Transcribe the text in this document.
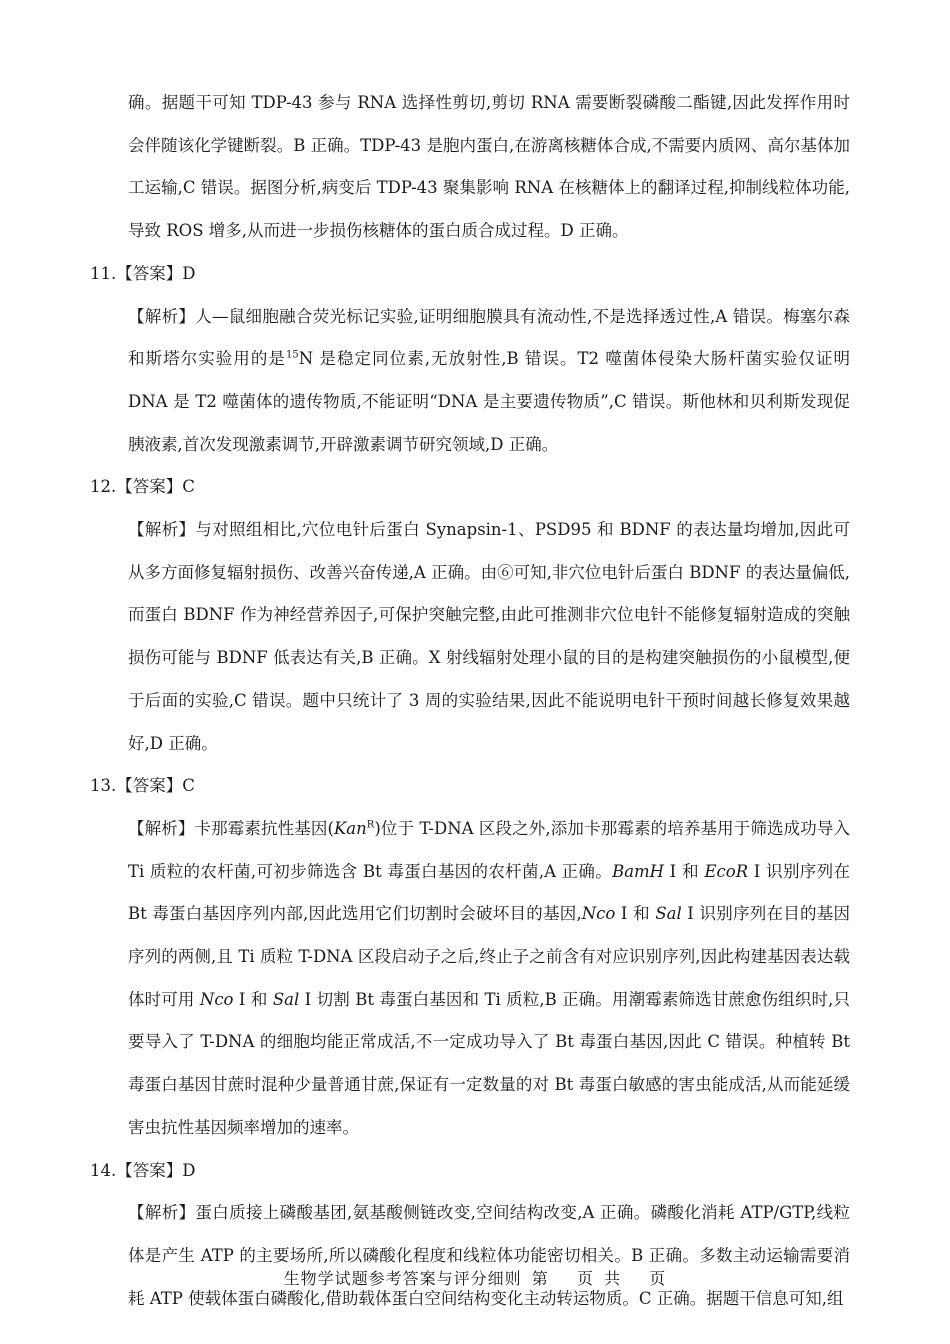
确。据题干可知 TDP-43 参与 RNA 选择性剪切,剪切 RNA 需要断裂磷酸二酯键,因此发挥作用时会伴随该化学键断裂。B 正确。TDP-43 是胞内蛋白,在游离核糖体合成,不需要内质网、高尔基体加工运输,C 错误。据图分析,病变后 TDP-43 聚集影响 RNA 在核糖体上的翻译过程,抑制线粒体功能,导致 ROS 增多,从而进一步损伤核糖体的蛋白质合成过程。D 正确。

11.【答案】D

【解析】人—鼠细胞融合荧光标记实验,证明细胞膜具有流动性,不是选择透过性,A 错误。梅塞尔森和斯塔尔实验用的是$^{15}$N 是稳定同位素,无放射性,B 错误。T2 噬菌体侵染大肠杆菌实验仅证明 DNA 是 T2 噬菌体的遗传物质,不能证明“DNA 是主要遗传物质”,C 错误。斯他林和贝利斯发现促胰液素,首次发现激素调节,开辟激素调节研究领域,D 正确。

12.【答案】C

【解析】与对照组相比,穴位电针后蛋白 Synapsin-1、PSD95 和 BDNF 的表达量均增加,因此可从多方面修复辐射损伤、改善兴奋传递,A 正确。由⑥可知,非穴位电针后蛋白 BDNF 的表达量偏低,而蛋白 BDNF 作为神经营养因子,可保护突触完整,由此可推测非穴位电针不能修复辐射造成的突触损伤可能与 BDNF 低表达有关,B 正确。X 射线辐射处理小鼠的目的是构建突触损伤的小鼠模型,便于后面的实验,C 错误。题中只统计了 3 周的实验结果,因此不能说明电针干预时间越长修复效果越好,D 正确。

13.【答案】C

【解析】卡那霉素抗性基因(Kan$^R$)位于 T-DNA 区段之外,添加卡那霉素的培养基用于筛选成功导入 Ti 质粒的农杆菌,可初步筛选含 Bt 毒蛋白基因的农杆菌,A 正确。BamH Ⅰ 和 EcoR Ⅰ 识别序列在 Bt 毒蛋白基因序列内部,因此选用它们切割时会破坏目的基因,Nco Ⅰ 和 Sal Ⅰ 识别序列在目的基因序列的两侧,且 Ti 质粒 T-DNA 区段启动子之后,终止子之前含有对应识别序列,因此构建基因表达载体时可用 Nco Ⅰ 和 Sal Ⅰ 切割 Bt 毒蛋白基因和 Ti 质粒,B 正确。用潮霉素筛选甘蔗愈伤组织时,只要导入了 T-DNA 的细胞均能正常成活,不一定成功导入了 Bt 毒蛋白基因,因此 C 错误。种植转 Bt 毒蛋白基因甘蔗时混种少量普通甘蔗,保证有一定数量的对 Bt 毒蛋白敏感的害虫能成活,从而能延缓害虫抗性基因频率增加的速率。

14.【答案】D

【解析】蛋白质接上磷酸基团,氨基酸侧链改变,空间结构改变,A 正确。磷酸化消耗 ATP/GTP,线粒体是产生 ATP 的主要场所,所以磷酸化程度和线粒体功能密切相关。B 正确。多数主动运输需要消耗 ATP 使载体蛋白磷酸化,借助载体蛋白空间结构变化主动转运物质。C 正确。据题干信息可知,组

生物学试题参考答案与评分细则 第 页 共 页
